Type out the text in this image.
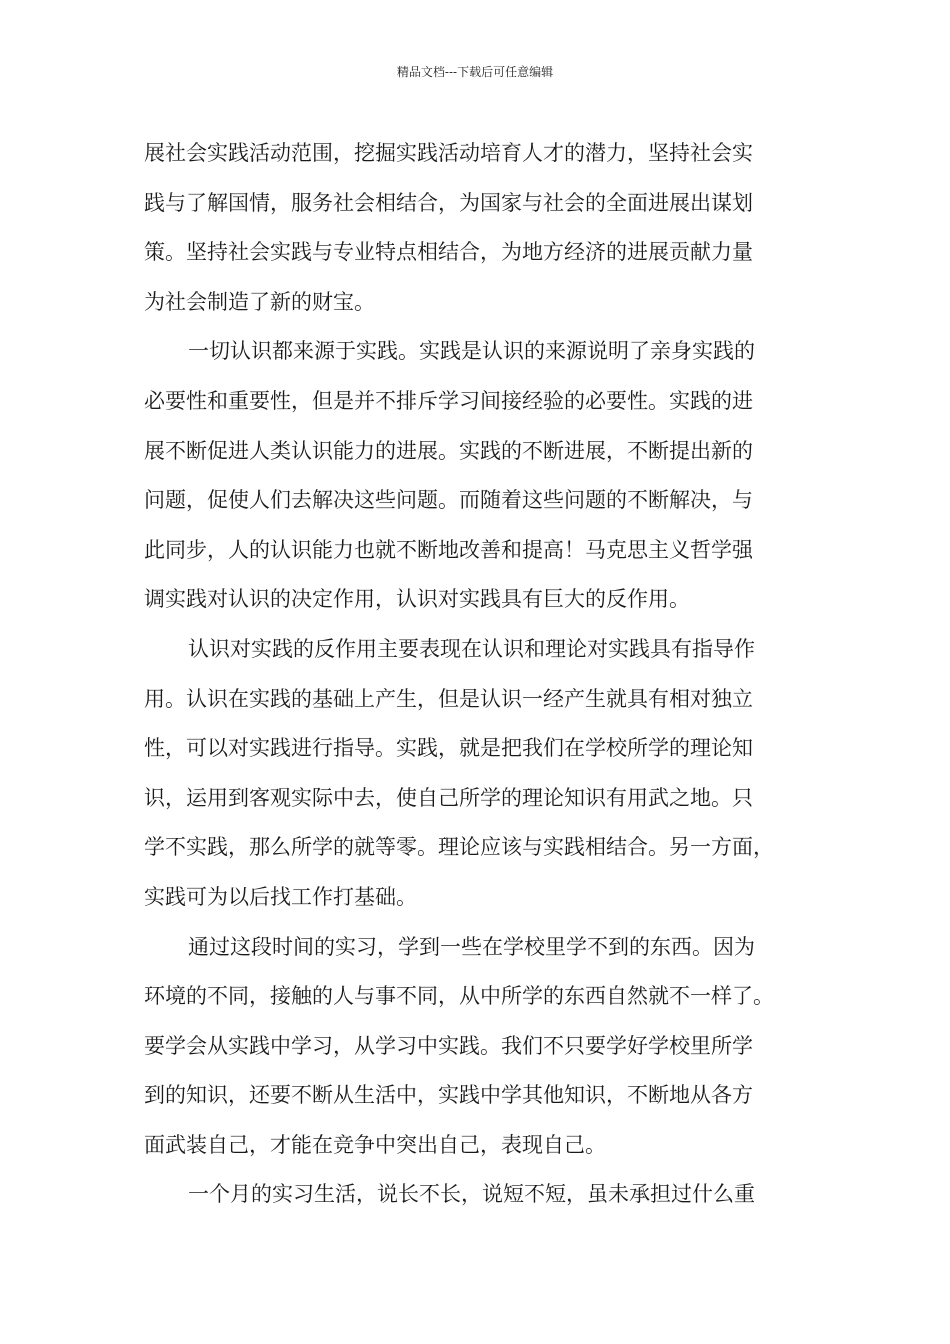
精品文档---下载后可任意编辑
展社会实践活动范围，挖掘实践活动培育人才的潜力，坚持社会实
践与了解国情，服务社会相结合，为国家与社会的全面进展出谋划
策。坚持社会实践与专业特点相结合，为地方经济的进展贡献力量
为社会制造了新的财宝。
一切认识都来源于实践。实践是认识的来源说明了亲身实践的
必要性和重要性，但是并不排斥学习间接经验的必要性。实践的进
展不断促进人类认识能力的进展。实践的不断进展，不断提出新的
问题，促使人们去解决这些问题。而随着这些问题的不断解决，与
此同步，人的认识能力也就不断地改善和提高！马克思主义哲学强
调实践对认识的决定作用，认识对实践具有巨大的反作用。
认识对实践的反作用主要表现在认识和理论对实践具有指导作
用。认识在实践的基础上产生，但是认识一经产生就具有相对独立
性，可以对实践进行指导。实践，就是把我们在学校所学的理论知
识，运用到客观实际中去，使自己所学的理论知识有用武之地。只
学不实践，那么所学的就等零。理论应该与实践相结合。另一方面，
实践可为以后找工作打基础。
通过这段时间的实习，学到一些在学校里学不到的东西。因为
环境的不同，接触的人与事不同，从中所学的东西自然就不一样了。
要学会从实践中学习，从学习中实践。我们不只要学好学校里所学
到的知识，还要不断从生活中，实践中学其他知识，不断地从各方
面武装自己，才能在竞争中突出自己，表现自己。
一个月的实习生活，说长不长，说短不短，虽未承担过什么重
